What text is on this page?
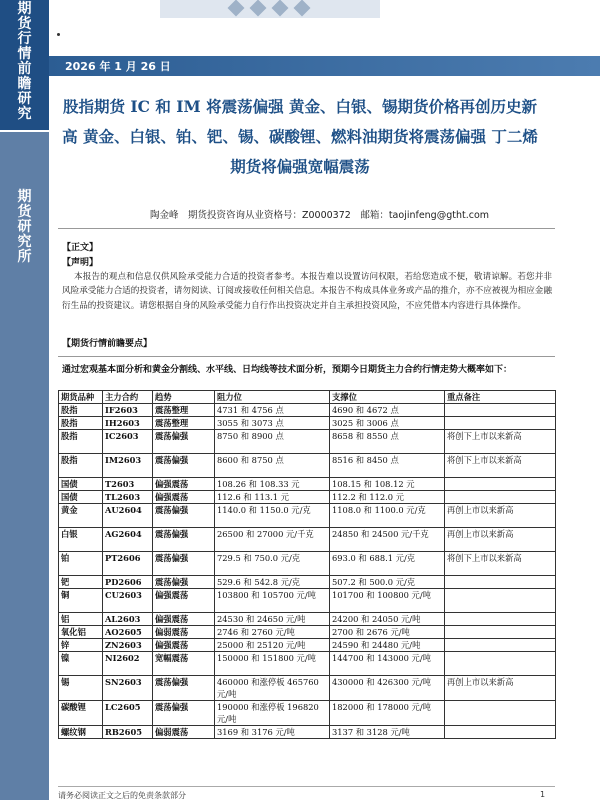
期
货
行
情
前
瞻
研
究
期
货
研
究
所
2026 年 1 月 26 日
股指期货 IC 和 IM 将震荡偏强 黄金、白银、锡期货价格再创历史新高 黄金、白银、铂、钯、锡、碳酸锂、燃料油期货将震荡偏强 丁二烯期货将偏强宽幅震荡
陶金峰　期货投资咨询从业资格号：Z0000372　邮箱：taojinfeng@gtht.com
【正文】
【声明】
本报告的观点和信息仅供风险承受能力合适的投资者参考。本报告难以设置访问权限，若给您造成不便，敬请谅解。若您并非风险承受能力合适的投资者，请勿阅读、订阅或接收任何相关信息。本报告不构成具体业务或产品的推介，亦不应被视为相应金融衍生品的投资建议。请您根据自身的风险承受能力自行作出投资决定并自主承担投资风险，不应凭借本内容进行具体操作。
【期货行情前瞻要点】
通过宏观基本面分析和黄金分割线、水平线、日均线等技术面分析，预期今日期货主力合约行情走势大概率如下：
期货品种	主力合约	趋势	阻力位	支撑位	重点备注
股指	IF2603	震荡整理	4731 和 4756 点	4690 和 4672 点	
股指	IH2603	震荡整理	3055 和 3073 点	3025 和 3006 点	
股指	IC2603	震荡偏强	8750 和 8900 点	8658 和 8550 点	将创下上市以来新高
股指	IM2603	震荡偏强	8600 和 8750 点	8516 和 8450 点	将创下上市以来新高
国债	T2603	偏强震荡	108.26 和 108.33 元	108.15 和 108.12 元	
国债	TL2603	偏强震荡	112.6 和 113.1 元	112.2 和 112.0 元	
黄金	AU2604	震荡偏强	1140.0 和 1150.0 元/克	1108.0 和 1100.0 元/克	再创上市以来新高
白银	AG2604	震荡偏强	26500 和 27000 元/千克	24850 和 24500 元/千克	再创上市以来新高
铂	PT2606	震荡偏强	729.5 和 750.0 元/克	693.0 和 688.1 元/克	将创下上市以来新高
钯	PD2606	震荡偏强	529.6 和 542.8 元/克	507.2 和 500.0 元/克	
铜	CU2603	偏强震荡	103800 和 105700 元/吨	101700 和 100800 元/吨	
铝	AL2603	偏强震荡	24530 和 24650 元/吨	24200 和 24050 元/吨	
氧化铝	AO2605	偏弱震荡	2746 和 2760 元/吨	2700 和 2676 元/吨	
锌	ZN2603	偏强震荡	25000 和 25120 元/吨	24590 和 24480 元/吨	
镍	NI2602	宽幅震荡	150000 和 151800 元/吨	144700 和 143000 元/吨	
锡	SN2603	震荡偏强	460000 和涨停板 465760 元/吨	430000 和 426300 元/吨	再创上市以来新高
碳酸锂	LC2605	震荡偏强	190000 和涨停板 196820 元/吨	182000 和 178000 元/吨	
螺纹钢	RB2605	偏弱震荡	3169 和 3176 元/吨	3137 和 3128 元/吨	
请务必阅读正文之后的免责条款部分	1
